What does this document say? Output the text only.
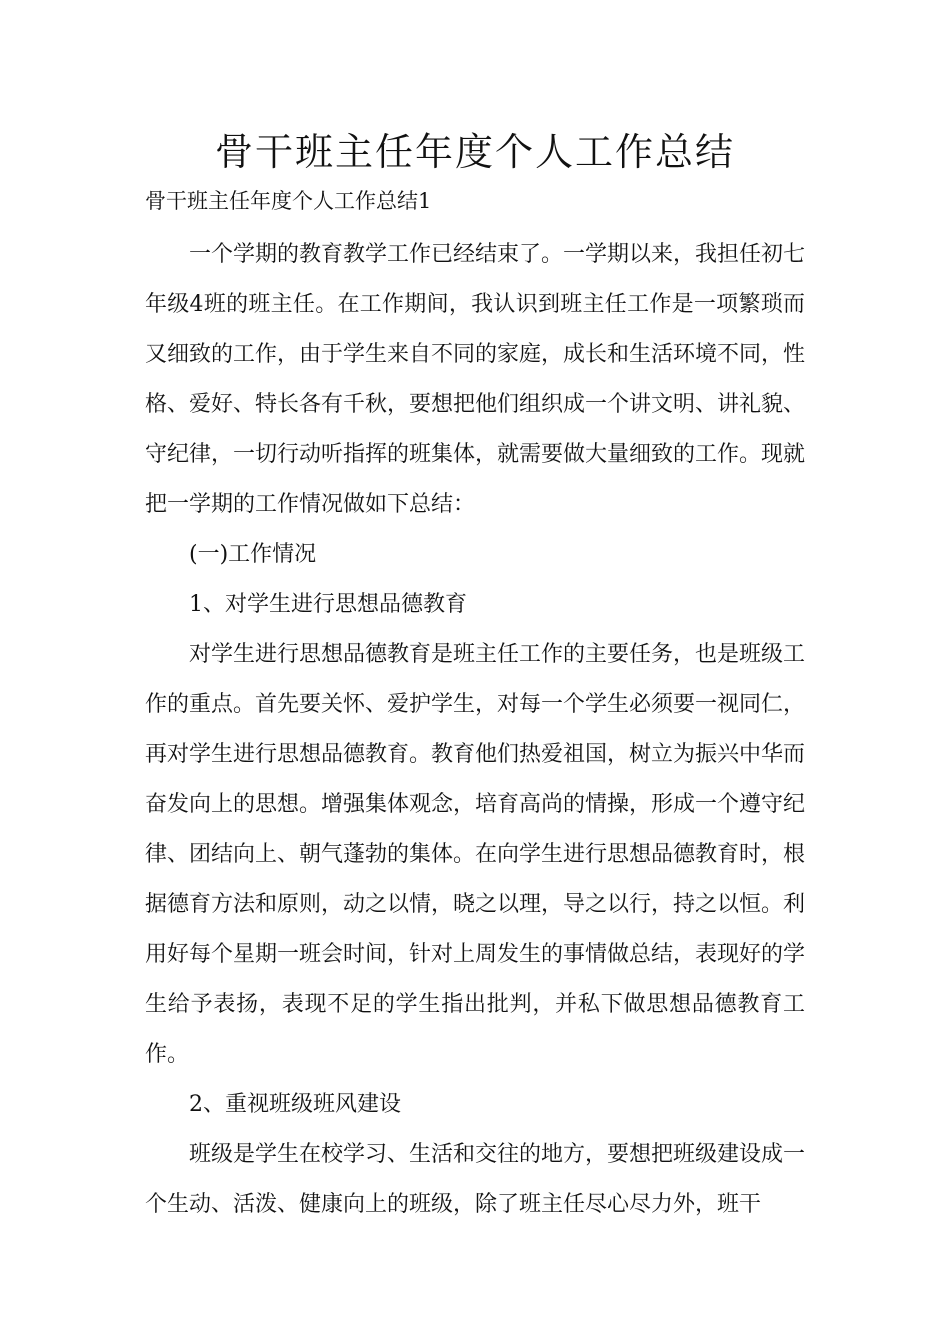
骨干班主任年度个人工作总结
骨干班主任年度个人工作总结1

一个学期的教育教学工作已经结束了。一学期以来，我担任初七年级4班的班主任。在工作期间，我认识到班主任工作是一项繁琐而又细致的工作，由于学生来自不同的家庭，成长和生活环境不同，性格、爱好、特长各有千秋，要想把他们组织成一个讲文明、讲礼貌、守纪律，一切行动听指挥的班集体，就需要做大量细致的工作。现就把一学期的工作情况做如下总结：

(一)工作情况

1、对学生进行思想品德教育

对学生进行思想品德教育是班主任工作的主要任务，也是班级工作的重点。首先要关怀、爱护学生，对每一个学生必须要一视同仁，再对学生进行思想品德教育。教育他们热爱祖国，树立为振兴中华而奋发向上的思想。增强集体观念，培育高尚的情操，形成一个遵守纪律、团结向上、朝气蓬勃的集体。在向学生进行思想品德教育时，根据德育方法和原则，动之以情，晓之以理，导之以行，持之以恒。利用好每个星期一班会时间，针对上周发生的事情做总结，表现好的学生给予表扬，表现不足的学生指出批判，并私下做思想品德教育工作。

2、重视班级班风建设

班级是学生在校学习、生活和交往的地方，要想把班级建设成一个生动、活泼、健康向上的班级，除了班主任尽心尽力外，班干
